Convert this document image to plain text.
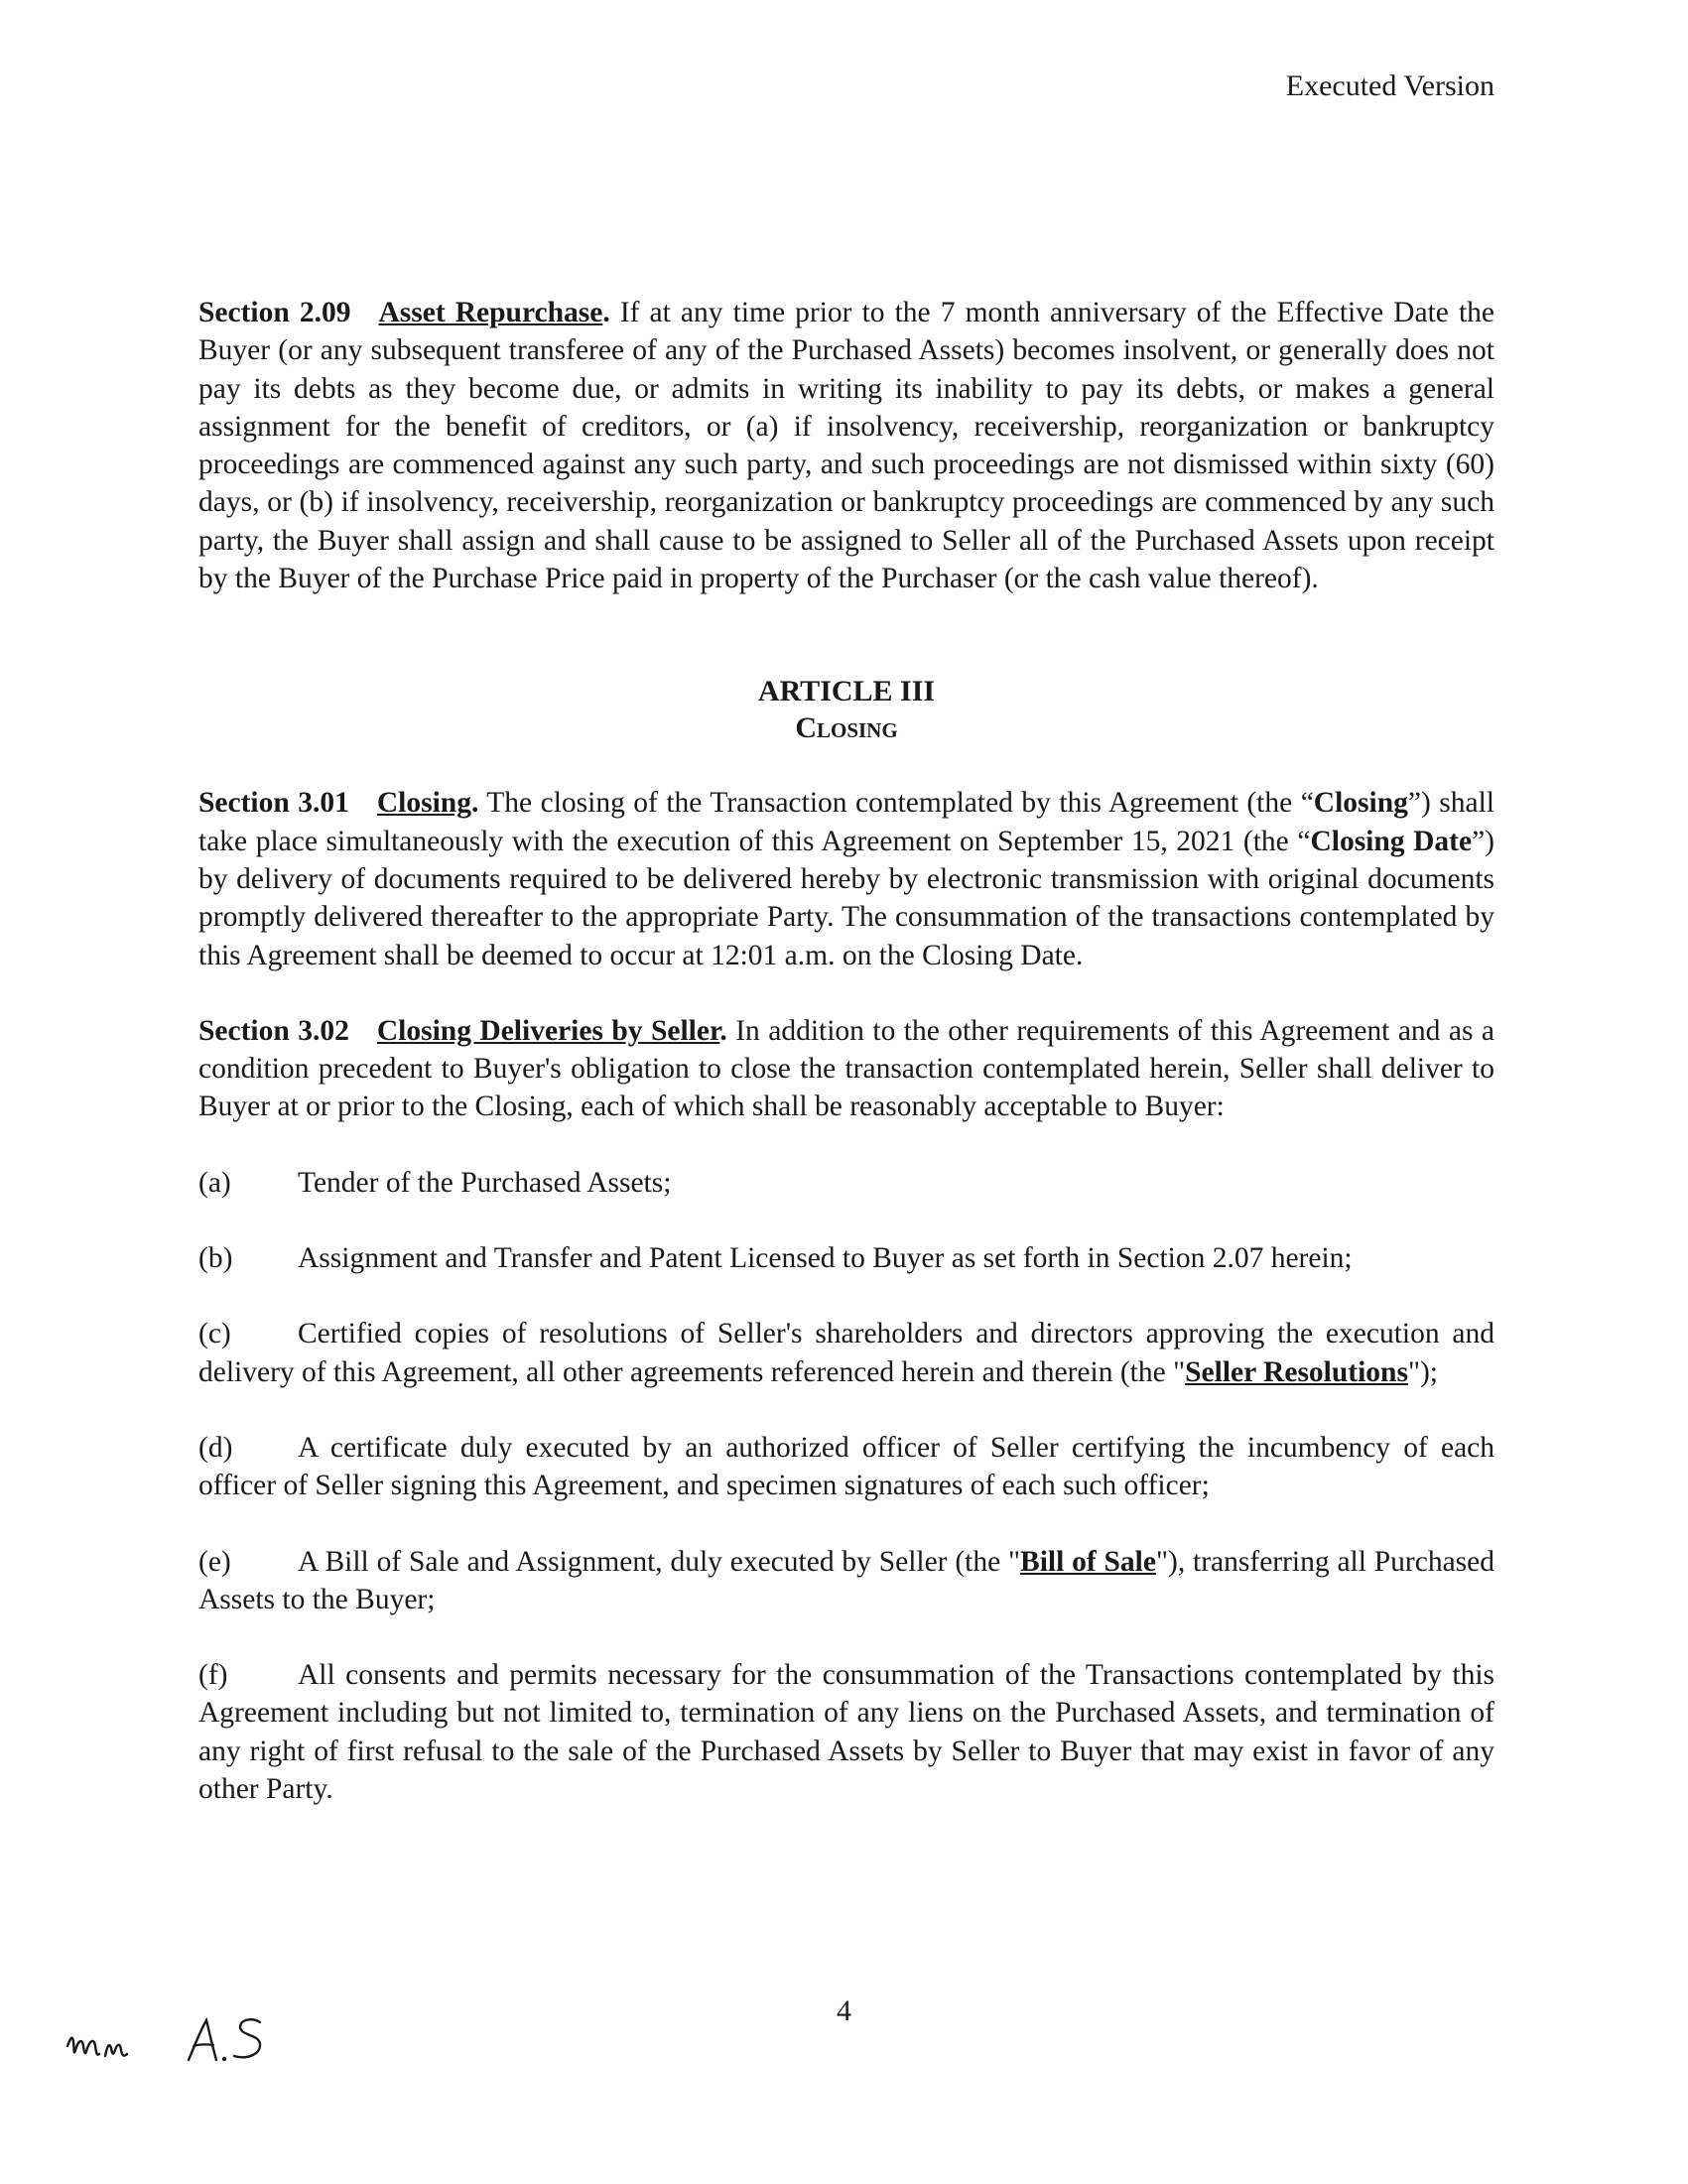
Executed Version

Section 2.09 Asset Repurchase. If at any time prior to the 7 month anniversary of the Effective Date the Buyer (or any subsequent transferee of any of the Purchased Assets) becomes insolvent, or generally does not pay its debts as they become due, or admits in writing its inability to pay its debts, or makes a general assignment for the benefit of creditors, or (a) if insolvency, receivership, reorganization or bankruptcy proceedings are commenced against any such party, and such proceedings are not dismissed within sixty (60) days, or (b) if insolvency, receivership, reorganization or bankruptcy proceedings are commenced by any such party, the Buyer shall assign and shall cause to be assigned to Seller all of the Purchased Assets upon receipt by the Buyer of the Purchase Price paid in property of the Purchaser (or the cash value thereof).

ARTICLE III
Closing

Section 3.01 Closing. The closing of the Transaction contemplated by this Agreement (the “Closing”) shall take place simultaneously with the execution of this Agreement on September 15, 2021 (the “Closing Date”) by delivery of documents required to be delivered hereby by electronic transmission with original documents promptly delivered thereafter to the appropriate Party. The consummation of the transactions contemplated by this Agreement shall be deemed to occur at 12:01 a.m. on the Closing Date.

Section 3.02 Closing Deliveries by Seller. In addition to the other requirements of this Agreement and as a condition precedent to Buyer's obligation to close the transaction contemplated herein, Seller shall deliver to Buyer at or prior to the Closing, each of which shall be reasonably acceptable to Buyer:

(a) Tender of the Purchased Assets;

(b) Assignment and Transfer and Patent Licensed to Buyer as set forth in Section 2.07 herein;

(c) Certified copies of resolutions of Seller's shareholders and directors approving the execution and delivery of this Agreement, all other agreements referenced herein and therein (the "Seller Resolutions");

(d) A certificate duly executed by an authorized officer of Seller certifying the incumbency of each officer of Seller signing this Agreement, and specimen signatures of each such officer;

(e) A Bill of Sale and Assignment, duly executed by Seller (the "Bill of Sale"), transferring all Purchased Assets to the Buyer;

(f) All consents and permits necessary for the consummation of the Transactions contemplated by this Agreement including but not limited to, termination of any liens on the Purchased Assets, and termination of any right of first refusal to the sale of the Purchased Assets by Seller to Buyer that may exist in favor of any other Party.

4
